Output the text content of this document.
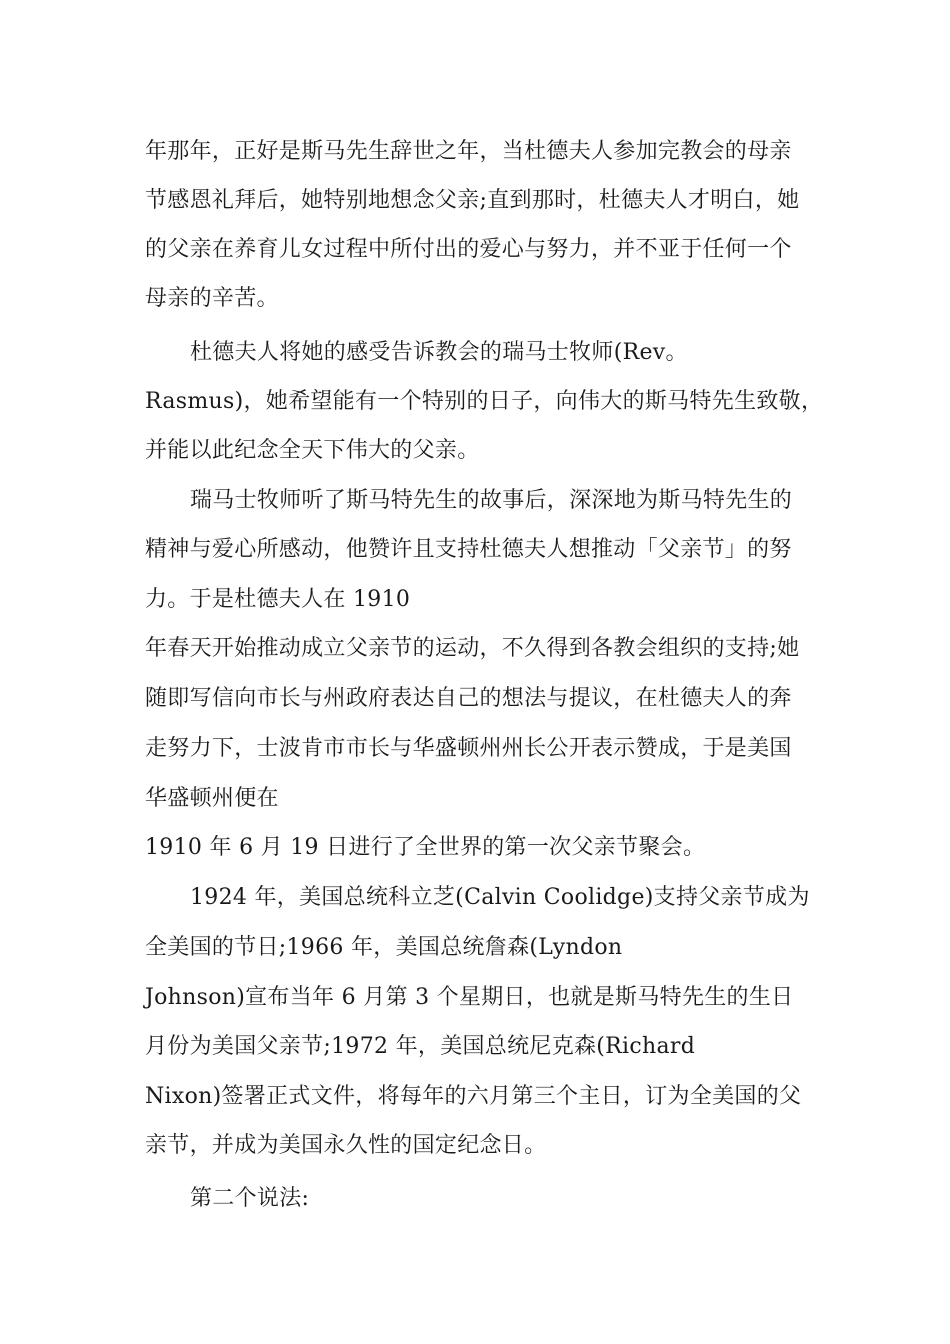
年那年，正好是斯马先生辞世之年，当杜德夫人参加完教会的母亲
节感恩礼拜后，她特别地想念父亲;直到那时，杜德夫人才明白，她
的父亲在养育儿女过程中所付出的爱心与努力，并不亚于任何一个
母亲的辛苦。
杜德夫人将她的感受告诉教会的瑞马士牧师(Rev。
Rasmus)，她希望能有一个特别的日子，向伟大的斯马特先生致敬，
并能以此纪念全天下伟大的父亲。
瑞马士牧师听了斯马特先生的故事后，深深地为斯马特先生的
精神与爱心所感动，他赞许且支持杜德夫人想推动「父亲节」的努
力。于是杜德夫人在 1910
年春天开始推动成立父亲节的运动，不久得到各教会组织的支持;她
随即写信向市长与州政府表达自己的想法与提议，在杜德夫人的奔
走努力下，士波肯市市长与华盛顿州州长公开表示赞成，于是美国
华盛顿州便在
1910 年 6 月 19 日进行了全世界的第一次父亲节聚会。
1924 年，美国总统科立芝(Calvin Coolidge)支持父亲节成为
全美国的节日;1966 年，美国总统詹森(Lyndon
Johnson)宣布当年 6 月第 3 个星期日，也就是斯马特先生的生日
月份为美国父亲节;1972 年，美国总统尼克森(Richard
Nixon)签署正式文件，将每年的六月第三个主日，订为全美国的父
亲节，并成为美国永久性的国定纪念日。
第二个说法:
